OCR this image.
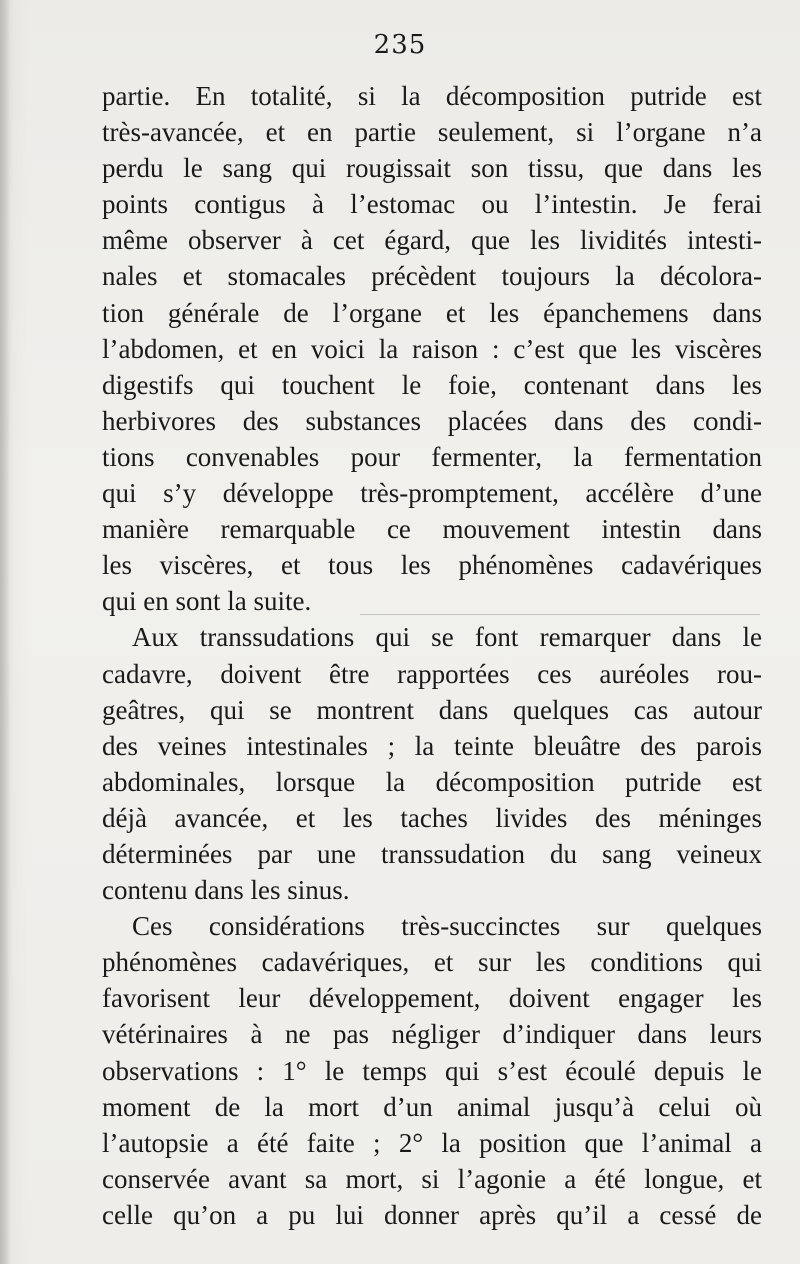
235
partie. En totalité, si la décomposition putride est
très-avancée, et en partie seulement, si l’organe n’a
perdu le sang qui rougissait son tissu, que dans les
points contigus à l’estomac ou l’intestin. Je ferai
même observer à cet égard, que les lividités intesti-
nales et stomacales précèdent toujours la décolora-
tion générale de l’organe et les épanchemens dans
l’abdomen, et en voici la raison : c’est que les viscères
digestifs qui touchent le foie, contenant dans les
herbivores des substances placées dans des condi-
tions convenables pour fermenter, la fermentation
qui s’y développe très-promptement, accélère d’une
manière remarquable ce mouvement intestin dans
les viscères, et tous les phénomènes cadavériques
qui en sont la suite.
Aux transsudations qui se font remarquer dans le
cadavre, doivent être rapportées ces auréoles rou-
geâtres, qui se montrent dans quelques cas autour
des veines intestinales ; la teinte bleuâtre des parois
abdominales, lorsque la décomposition putride est
déjà avancée, et les taches livides des méninges
déterminées par une transsudation du sang veineux
contenu dans les sinus.
Ces considérations très-succinctes sur quelques
phénomènes cadavériques, et sur les conditions qui
favorisent leur développement, doivent engager les
vétérinaires à ne pas négliger d’indiquer dans leurs
observations : 1° le temps qui s’est écoulé depuis le
moment de la mort d’un animal jusqu’à celui où
l’autopsie a été faite ; 2° la position que l’animal a
conservée avant sa mort, si l’agonie a été longue, et
celle qu’on a pu lui donner après qu’il a cessé de
